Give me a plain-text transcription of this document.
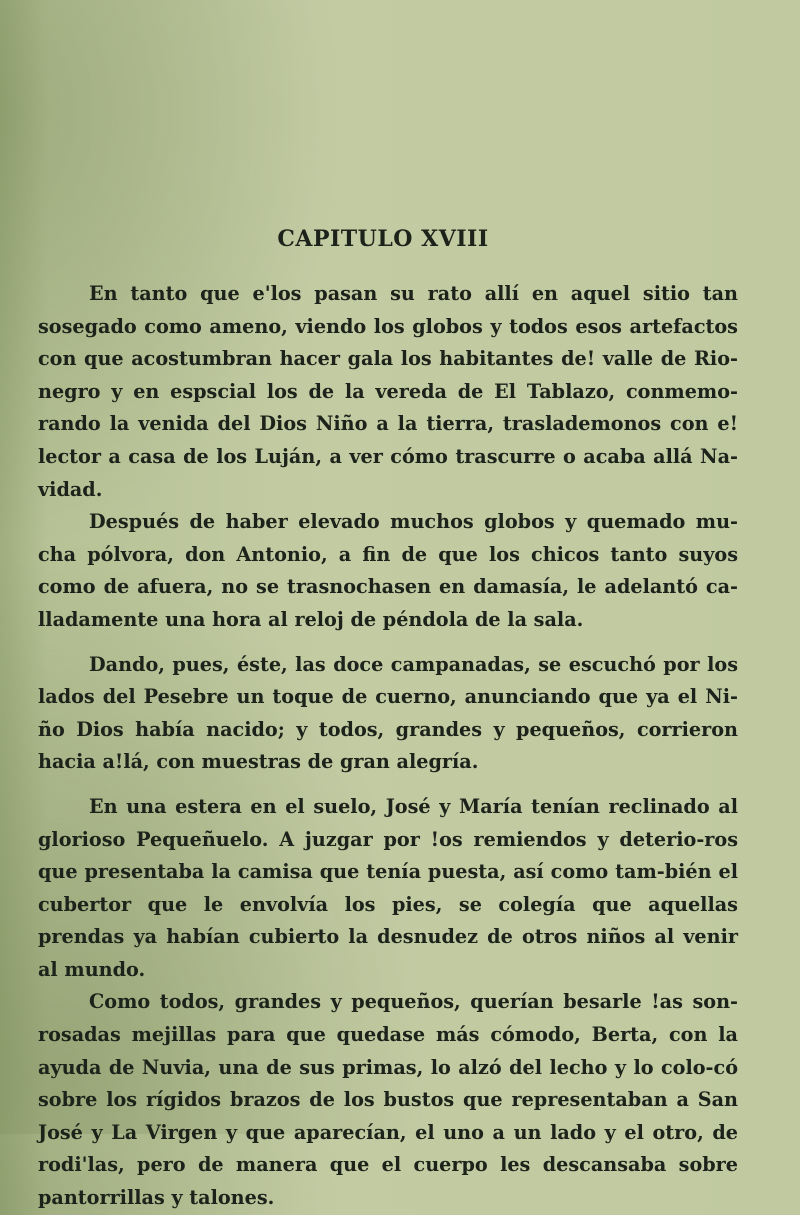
CAPITULO XVIII

En tanto que e'los pasan su rato allí en aquel sitio tan sosegado como ameno, viendo los globos y todos esos artefactos con que acostumbran hacer gala los habitantes de! valle de Rio-negro y en espscial los de la vereda de El Tablazo, conmemo-rando la venida del Dios Niño a la tierra, traslademonos con e! lector a casa de los Luján, a ver cómo trascurre o acaba allá Na-vidad.

Después de haber elevado muchos globos y quemado mu-cha pólvora, don Antonio, a fin de que los chicos tanto suyos como de afuera, no se trasnochasen en damasía, le adelantó ca-lladamente una hora al reloj de péndola de la sala.

Dando, pues, éste, las doce campanadas, se escuchó por los lados del Pesebre un toque de cuerno, anunciando que ya el Ni-ño Dios había nacido; y todos, grandes y pequeños, corrieron hacia a!lá, con muestras de gran alegría.

En una estera en el suelo, José y María tenían reclinado al glorioso Pequeñuelo. A juzgar por !os remiendos y deterio-ros que presentaba la camisa que tenía puesta, así como tam-bién el cubertor que le envolvía los pies, se colegía que aquellas prendas ya habían cubierto la desnudez de otros niños al venir al mundo.

Como todos, grandes y pequeños, querían besarle !as son-rosadas mejillas para que quedase más cómodo, Berta, con la ayuda de Nuvia, una de sus primas, lo alzó del lecho y lo colo-có sobre los rígidos brazos de los bustos que representaban a San José y La Virgen y que aparecían, el uno a un lado y el otro, de rodi'las, pero de manera que el cuerpo les descansaba sobre pantorrillas y talones.
